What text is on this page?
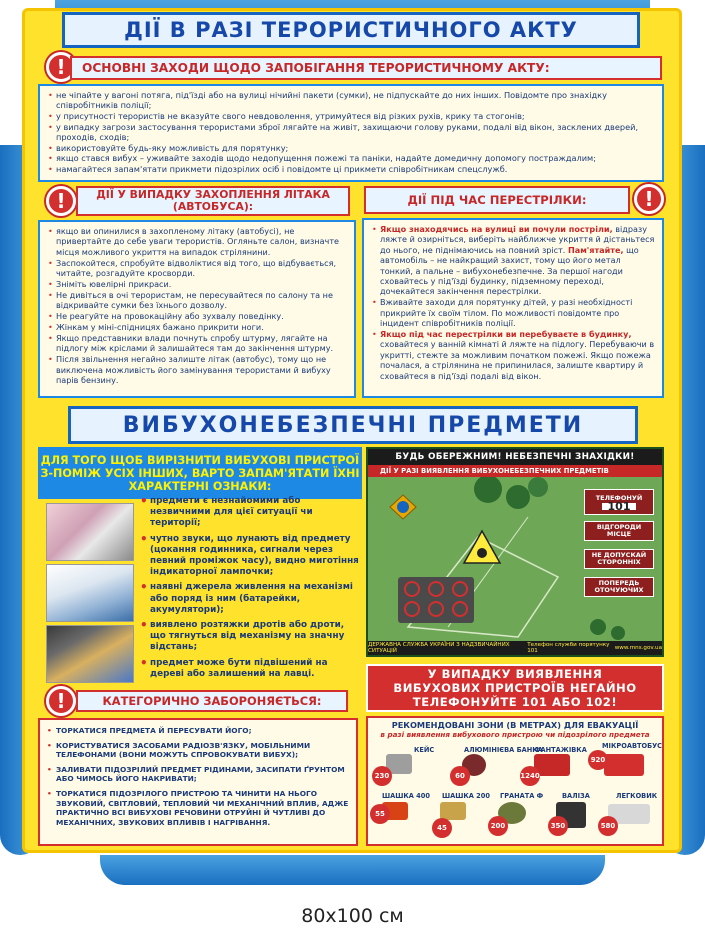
ДІЇ В РАЗІ ТЕРОРИСТИЧНОГО АКТУ
!	ОСНОВНІ ЗАХОДИ ЩОДО ЗАПОБІГАННЯ ТЕРОРИСТИЧНОМУ АКТУ:
• не чіпайте у вагоні потяга, під'їзді або на вулиці нічийні пакети (сумки), не підпускайте до них інших. Повідомте про знахідку співробітників поліції;
• у присутності терористів не вказуйте свого невдоволення, утримуйтеся від різких рухів, крику та стогонів;
• у випадку загрози застосування терористами зброї лягайте на живіт, захищаючи голову руками, подалі від вікон, засклених дверей, проходів, сходів;
• використовуйте будь-яку можливість для порятунку;
• якщо стався вибух – уживайте заходів щодо недопущення пожежі та паніки, надайте домедичну допомогу постраждалим;
• намагайтеся запам'ятати прикмети підозрілих осіб і повідомте ці прикмети співробітникам спецслужб.
!	ДІЇ У ВИПАДКУ ЗАХОПЛЕННЯ ЛІТАКА (АВТОБУСА):
• якщо ви опинилися в захопленому літаку (автобусі), не привертайте до себе уваги терористів. Огляньте салон, визначте місця можливого укриття на випадок стрілянини.
• Заспокойтеся, спробуйте відволіктися від того, що відбувається, читайте, розгадуйте кросворди.
• Зніміть ювелірні прикраси.
• Не дивіться в очі терористам, не пересувайтеся по салону та не відкривайте сумки без їхнього дозволу.
• Не реагуйте на провокаційну або зухвалу поведінку.
• Жінкам у міні-спідницях бажано прикрити ноги.
• Якщо представники влади почнуть спробу штурму, лягайте на підлогу між кріслами й залишайтеся там до закінчення штурму.
• Після звільнення негайно залиште літак (автобус), тому що не виключена можливість його замінування терористами й вибуху парів бензину.
ДІЇ ПІД ЧАС ПЕРЕСТРІЛКИ:	!
• Якщо знаходячись на вулиці ви почули постріли, відразу ляжте й озирніться, виберіть найближче укриття й дістаньтеся до нього, не піднімаючись на повний зріст. Пам'ятайте, що автомобіль – не найкращий захист, тому що його метал тонкий, а пальне – вибухонебезпечне. За першої нагоди сховайтесь у під'їзді будинку, підземному переході, дочекайтеся закінчення перестрілки.
• Вживайте заходи для порятунку дітей, у разі необхідності прикрийте їх своїм тілом. По можливості повідомте про інцидент співробітників поліції.
• Якщо під час перестрілки ви перебуваєте в будинку, сховайтеся у ванній кімнаті й ляжте на підлогу. Перебуваючи в укритті, стежте за можливим початком пожежі. Якщо пожежа почалася, а стрілянина не припинилася, залиште квартиру й сховайтеся в під'їзді подалі від вікон.
ВИБУХОНЕБЕЗПЕЧНІ ПРЕДМЕТИ
ДЛЯ ТОГО ЩОБ ВИРІЗНИТИ ВИБУХОВІ ПРИСТРОЇ З-ПОМІЖ УСІХ ІНШИХ, ВАРТО ЗАПАМ'ЯТАТИ ЇХНІ ХАРАКТЕРНІ ОЗНАКИ:
• предмети є незнайомими або незвичними для цієї ситуації чи території;
• чутно звуки, що лунають від предмету (цокання годинника, сигнали через певний проміжок часу), видно миготіння індикаторної лампочки;
• наявні джерела живлення на механізмі або поряд із ним (батарейки, акумулятори);
• виявлено розтяжки дротів або дроти, що тягнуться від механізму на значну відстань;
• предмет може бути підвішений на дереві або залишений на лавці.
БУДЬ ОБЕРЕЖНИМ! НЕБЕЗПЕЧНІ ЗНАХІДКИ!
ДІЇ У РАЗІ ВИЯВЛЕННЯ ВИБУХОНЕБЕЗПЕЧНИХ ПРЕДМЕТІВ
ТЕЛЕФОНУЙ
101
ВІДГОРОДИ МІСЦЕ
НЕ ДОПУСКАЙ СТОРОННІХ
ПОПЕРЕДЬ ОТОЧУЮЧИХ
ДЕРЖАВНА СЛУЖБА УКРАЇНИ З НАДЗВИЧАЙНИХ СИТУАЦІЙ
Телефон служби порятунку 101	www.mns.gov.ua
У ВИПАДКУ ВИЯВЛЕННЯ
ВИБУХОВИХ ПРИСТРОЇВ НЕГАЙНО
ТЕЛЕФОНУЙТЕ 101 АБО 102!
!	КАТЕГОРИЧНО ЗАБОРОНЯЄТЬСЯ:
• ТОРКАТИСЯ ПРЕДМЕТА Й ПЕРЕСУВАТИ ЙОГО;
• КОРИСТУВАТИСЯ ЗАСОБАМИ РАДІОЗВ'ЯЗКУ, МОБІЛЬНИМИ ТЕЛЕФОНАМИ (ВОНИ МОЖУТЬ СПРОВОКУВАТИ ВИБУХ);
• ЗАЛИВАТИ ПІДОЗРІЛИЙ ПРЕДМЕТ РІДИНАМИ, ЗАСИПАТИ ҐРУНТОМ АБО ЧИМОСЬ ЙОГО НАКРИВАТИ;
• ТОРКАТИСЯ ПІДОЗРІЛОГО ПРИСТРОЮ ТА ЧИНИТИ НА НЬОГО ЗВУКОВИЙ, СВІТЛОВИЙ, ТЕПЛОВИЙ ЧИ МЕХАНІЧНИЙ ВПЛИВ, АДЖЕ ПРАКТИЧНО ВСІ ВИБУХОВІ РЕЧОВИНИ ОТРУЙНІ Й ЧУТЛИВІ ДО МЕХАНІЧНИХ, ЗВУКОВИХ ВПЛИВІВ І НАГРІВАННЯ.
РЕКОМЕНДОВАНІ ЗОНИ (В МЕТРАХ) ДЛЯ ЕВАКУАЦІЇ
в разі виявлення вибухового пристрою чи підозрілого предмета
230
КЕЙС
60
АЛЮМІНІЄВА БАНКА
1240
ФАНТАЖІВКА
920
МІКРОАВТОБУС
55
ШАШКА 400
45
ШАШКА 200
200
ГРАНАТА Ф
350
ВАЛІЗА
580
ЛЕГКОВИК
80x100 см
